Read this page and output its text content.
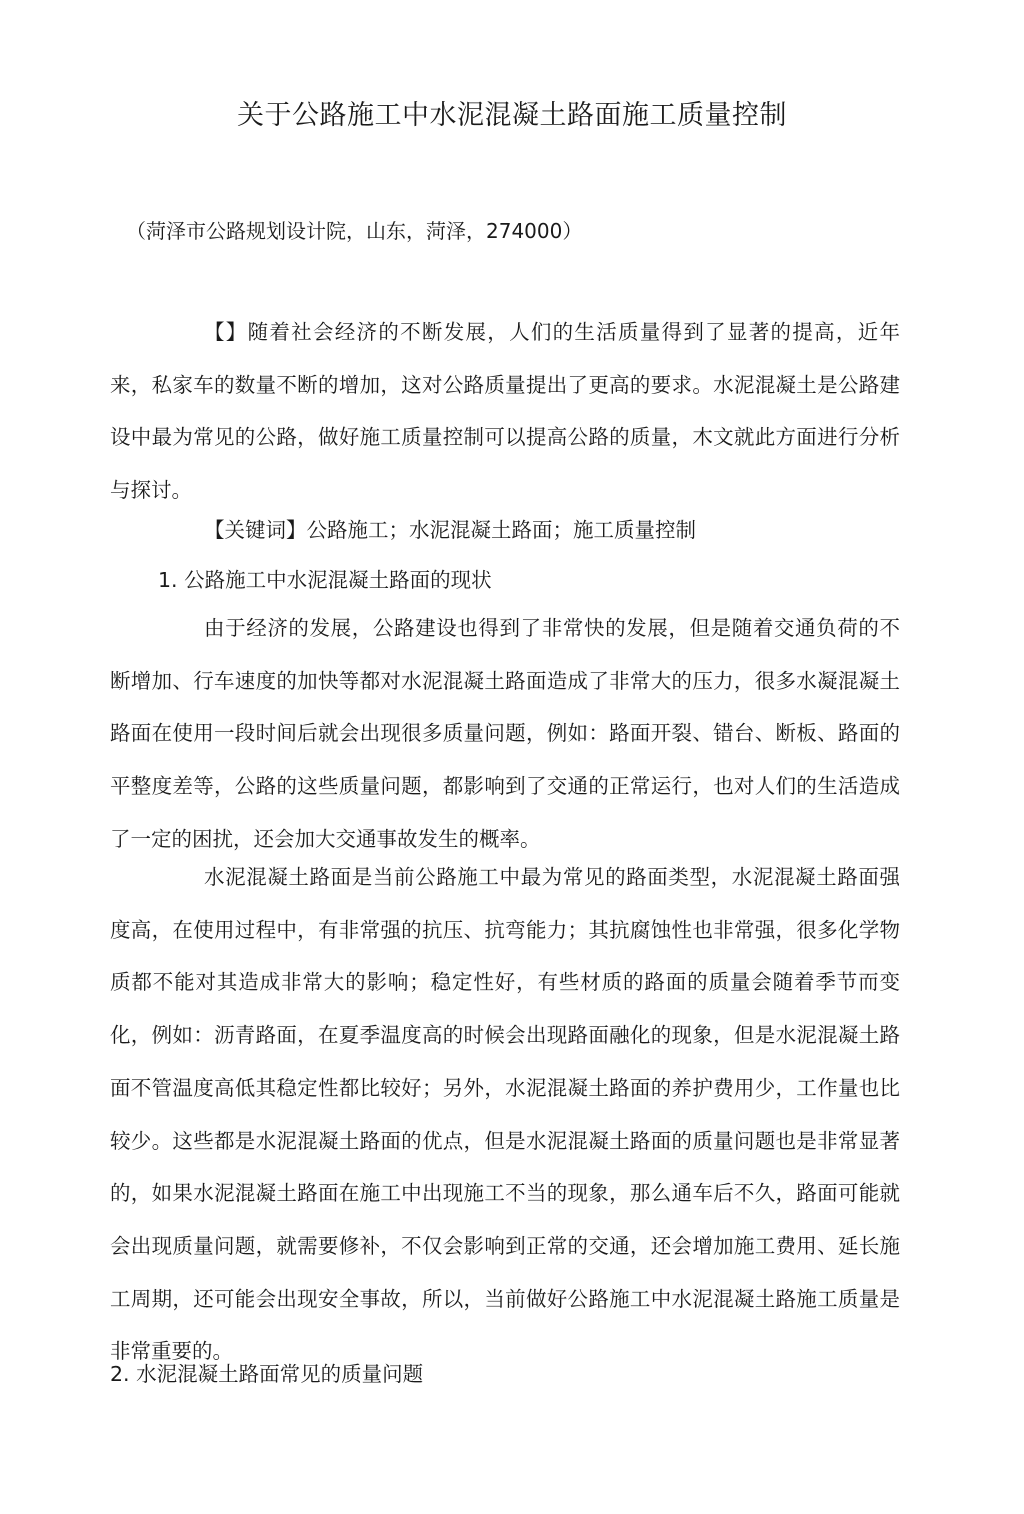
关于公路施工中水泥混凝土路面施工质量控制
（菏泽市公路规划设计院，山东，菏泽，274000）

【】随着社会经济的不断发展，人们的生活质量得到了显著的提高，近年来，私家车的数量不断的增加，这对公路质量提出了更高的要求。水泥混凝土是公路建设中最为常见的公路，做好施工质量控制可以提高公路的质量，木文就此方面进行分析与探讨。

【关键词】公路施工；水泥混凝土路面；施工质量控制

1. 公路施工中水泥混凝土路面的现状

由于经济的发展，公路建设也得到了非常快的发展，但是随着交通负荷的不断增加、行车速度的加快等都对水泥混凝土路面造成了非常大的压力，很多水凝混凝土路面在使用一段时间后就会出现很多质量问题，例如：路面开裂、错台、断板、路面的平整度差等，公路的这些质量问题，都影响到了交通的正常运行，也对人们的生活造成了一定的困扰，还会加大交通事故发生的概率。

水泥混凝土路面是当前公路施工中最为常见的路面类型，水泥混凝土路面强度高，在使用过程中，有非常强的抗压、抗弯能力；其抗腐蚀性也非常强，很多化学物质都不能对其造成非常大的影响；稳定性好，有些材质的路面的质量会随着季节而变化，例如：沥青路面，在夏季温度高的时候会出现路面融化的现象，但是水泥混凝土路面不管温度高低其稳定性都比较好；另外，水泥混凝土路面的养护费用少，工作量也比较少。这些都是水泥混凝土路面的优点，但是水泥混凝土路面的质量问题也是非常显著的，如果水泥混凝土路面在施工中出现施工不当的现象，那么通车后不久，路面可能就会出现质量问题，就需要修补，不仅会影响到正常的交通，还会增加施工费用、延长施工周期，还可能会出现安全事故，所以，当前做好公路施工中水泥混凝土路施工质量是非常重要的。

2. 水泥混凝土路面常见的质量问题
